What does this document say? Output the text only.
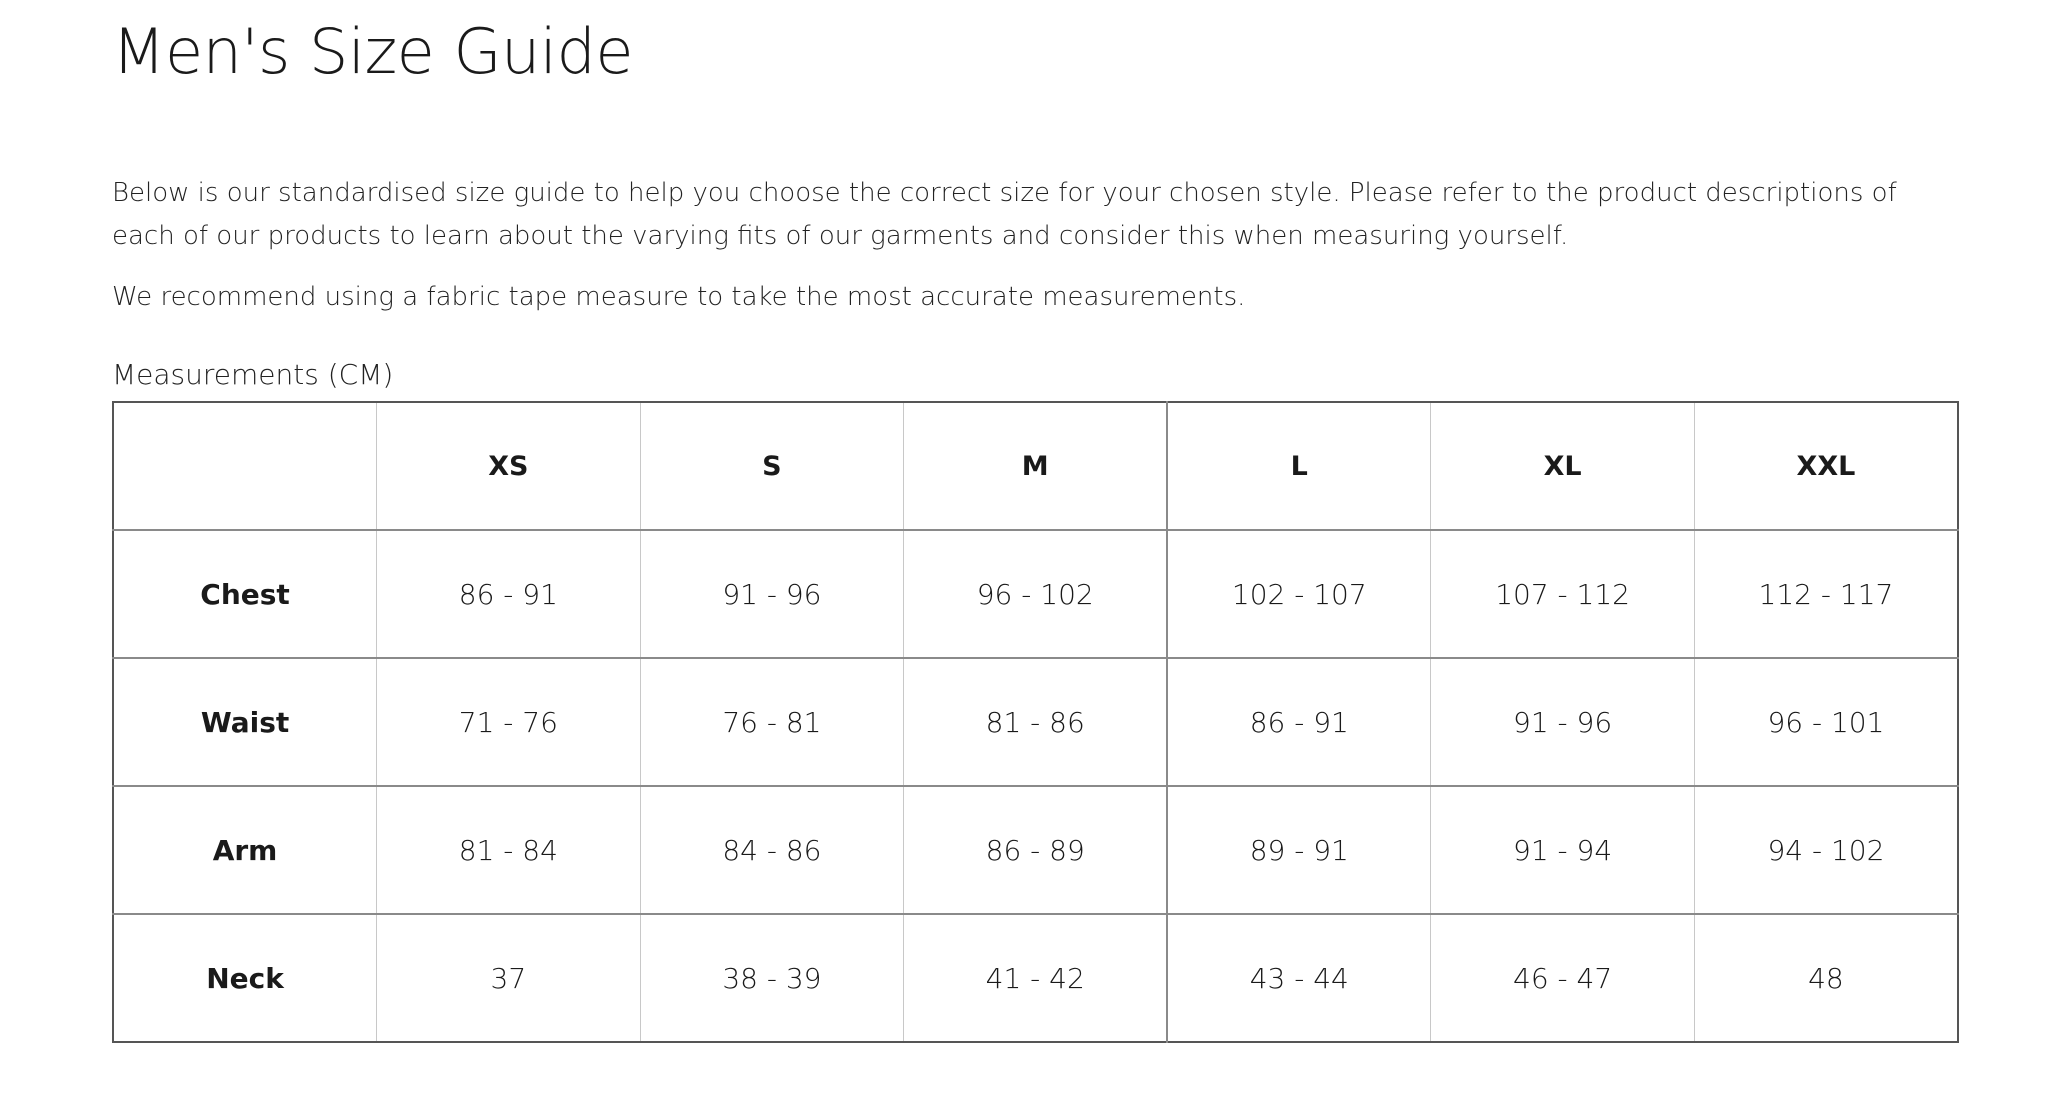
Men's Size Guide

Below is our standardised size guide to help you choose the correct size for your chosen style. Please refer to the product descriptions of each of our products to learn about the varying fits of our garments and consider this when measuring yourself.

We recommend using a fabric tape measure to take the most accurate measurements.

Measurements (CM)
	XS	S	M	L	XL	XXL
Chest	86 - 91	91 - 96	96 - 102	102 - 107	107 - 112	112 - 117
Waist	71 - 76	76 - 81	81 - 86	86 - 91	91 - 96	96 - 101
Arm	81 - 84	84 - 86	86 - 89	89 - 91	91 - 94	94 - 102
Neck	37	38 - 39	41 - 42	43 - 44	46 - 47	48
